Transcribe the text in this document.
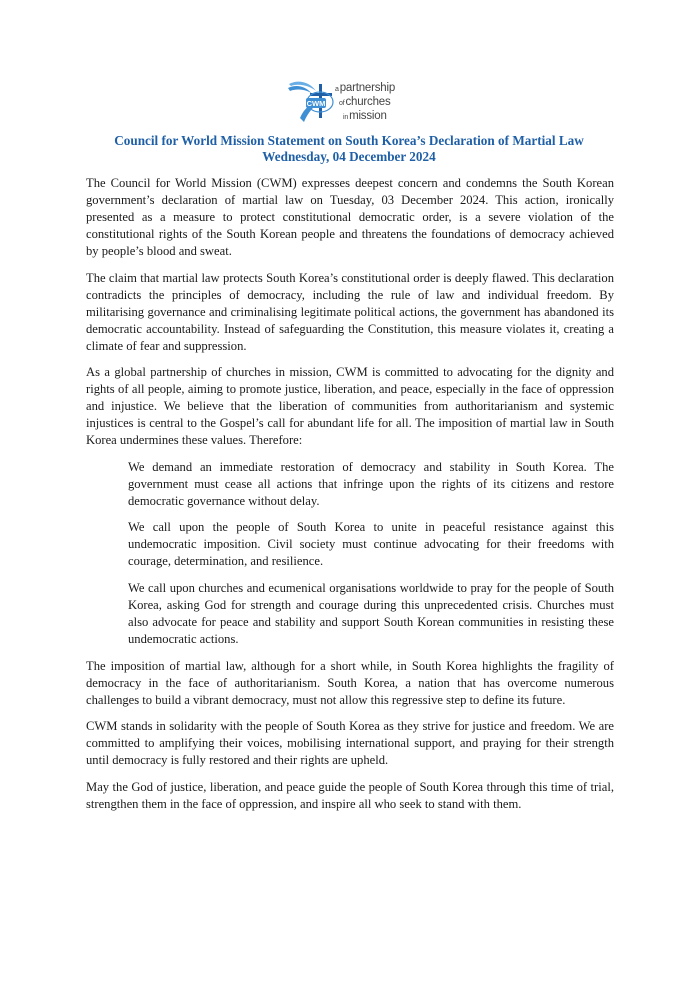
CWM
apartnership
ofchurches
inmission
Council for World Mission Statement on South Korea’s Declaration of Martial Law
Wednesday, 04 December 2024

The Council for World Mission (CWM) expresses deepest concern and condemns the South Korean government’s declaration of martial law on Tuesday, 03 December 2024. This action, ironically presented as a measure to protect constitutional democratic order, is a severe violation of the constitutional rights of the South Korean people and threatens the foundations of democracy achieved by people’s blood and sweat.

The claim that martial law protects South Korea’s constitutional order is deeply flawed. This declaration contradicts the principles of democracy, including the rule of law and individual freedom. By militarising governance and criminalising legitimate political actions, the government has abandoned its democratic accountability. Instead of safeguarding the Constitution, this measure violates it, creating a climate of fear and suppression.

As a global partnership of churches in mission, CWM is committed to advocating for the dignity and rights of all people, aiming to promote justice, liberation, and peace, especially in the face of oppression and injustice. We believe that the liberation of communities from authoritarianism and systemic injustices is central to the Gospel’s call for abundant life for all. The imposition of martial law in South Korea undermines these values. Therefore:

We demand an immediate restoration of democracy and stability in South Korea. The government must cease all actions that infringe upon the rights of its citizens and restore democratic governance without delay.
We call upon the people of South Korea to unite in peaceful resistance against this undemocratic imposition. Civil society must continue advocating for their freedoms with courage, determination, and resilience.
We call upon churches and ecumenical organisations worldwide to pray for the people of South Korea, asking God for strength and courage during this unprecedented crisis. Churches must also advocate for peace and stability and support South Korean communities in resisting these undemocratic actions.

The imposition of martial law, although for a short while, in South Korea highlights the fragility of democracy in the face of authoritarianism. South Korea, a nation that has overcome numerous challenges to build a vibrant democracy, must not allow this regressive step to define its future.

CWM stands in solidarity with the people of South Korea as they strive for justice and freedom. We are committed to amplifying their voices, mobilising international support, and praying for their strength until democracy is fully restored and their rights are upheld.

May the God of justice, liberation, and peace guide the people of South Korea through this time of trial, strengthen them in the face of oppression, and inspire all who seek to stand with them.
